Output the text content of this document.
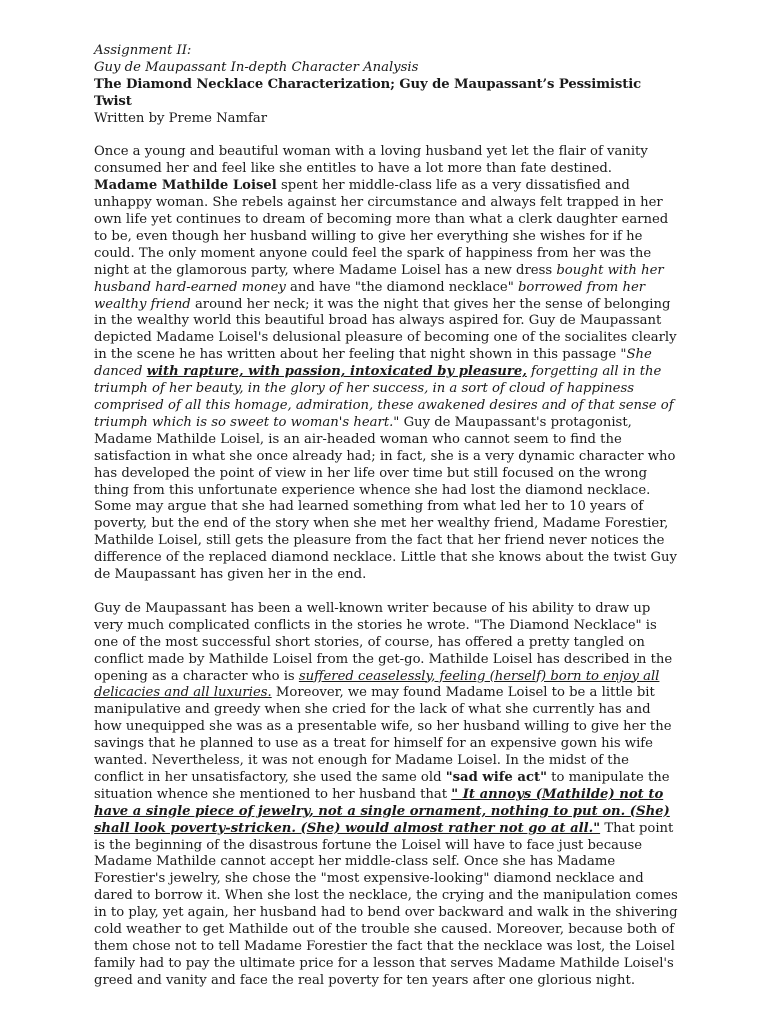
Assignment II:
Guy de Maupassant In-depth Character Analysis
The Diamond Necklace Characterization; Guy de Maupassant’s Pessimistic Twist
Written by Preme Namfar

Once a young and beautiful woman with a loving husband yet let the flair of vanity consumed her and feel like she entitles to have a lot more than fate destined. Madame Mathilde Loisel spent her middle-class life as a very dissatisfied and unhappy woman. She rebels against her circumstance and always felt trapped in her own life yet continues to dream of becoming more than what a clerk daughter earned to be, even though her husband willing to give her everything she wishes for if he could. The only moment anyone could feel the spark of happiness from her was the night at the glamorous party, where Madame Loisel has a new dress bought with her husband hard-earned money and have "the diamond necklace" borrowed from her wealthy friend around her neck; it was the night that gives her the sense of belonging in the wealthy world this beautiful broad has always aspired for. Guy de Maupassant depicted Madame Loisel's delusional pleasure of becoming one of the socialites clearly in the scene he has written about her feeling that night shown in this passage "She danced with rapture, with passion, intoxicated by pleasure, forgetting all in the triumph of her beauty, in the glory of her success, in a sort of cloud of happiness comprised of all this homage, admiration, these awakened desires and of that sense of triumph which is so sweet to woman's heart." Guy de Maupassant's protagonist, Madame Mathilde Loisel, is an air-headed woman who cannot seem to find the satisfaction in what she once already had; in fact, she is a very dynamic character who has developed the point of view in her life over time but still focused on the wrong thing from this unfortunate experience whence she had lost the diamond necklace. Some may argue that she had learned something from what led her to 10 years of poverty, but the end of the story when she met her wealthy friend, Madame Forestier, Mathilde Loisel, still gets the pleasure from the fact that her friend never notices the difference of the replaced diamond necklace. Little that she knows about the twist Guy de Maupassant has given her in the end.

Guy de Maupassant has been a well-known writer because of his ability to draw up very much complicated conflicts in the stories he wrote. "The Diamond Necklace" is one of the most successful short stories, of course, has offered a pretty tangled on conflict made by Mathilde Loisel from the get-go. Mathilde Loisel has described in the opening as a character who is suffered ceaselessly, feeling (herself) born to enjoy all delicacies and all luxuries. Moreover, we may found Madame Loisel to be a little bit manipulative and greedy when she cried for the lack of what she currently has and how unequipped she was as a presentable wife, so her husband willing to give her the savings that he planned to use as a treat for himself for an expensive gown his wife wanted. Nevertheless, it was not enough for Madame Loisel. In the midst of the conflict in her unsatisfactory, she used the same old "sad wife act" to manipulate the situation whence she mentioned to her husband that " It annoys (Mathilde) not to have a single piece of jewelry, not a single ornament, nothing to put on. (She) shall look poverty-stricken. (She) would almost rather not go at all." That point is the beginning of the disastrous fortune the Loisel will have to face just because Madame Mathilde cannot accept her middle-class self. Once she has Madame Forestier's jewelry, she chose the "most expensive-looking" diamond necklace and dared to borrow it. When she lost the necklace, the crying and the manipulation comes in to play, yet again, her husband had to bend over backward and walk in the shivering cold weather to get Mathilde out of the trouble she caused. Moreover, because both of them chose not to tell Madame Forestier the fact that the necklace was lost, the Loisel family had to pay the ultimate price for a lesson that serves Madame Mathilde Loisel's greed and vanity and face the real poverty for ten years after one glorious night.
